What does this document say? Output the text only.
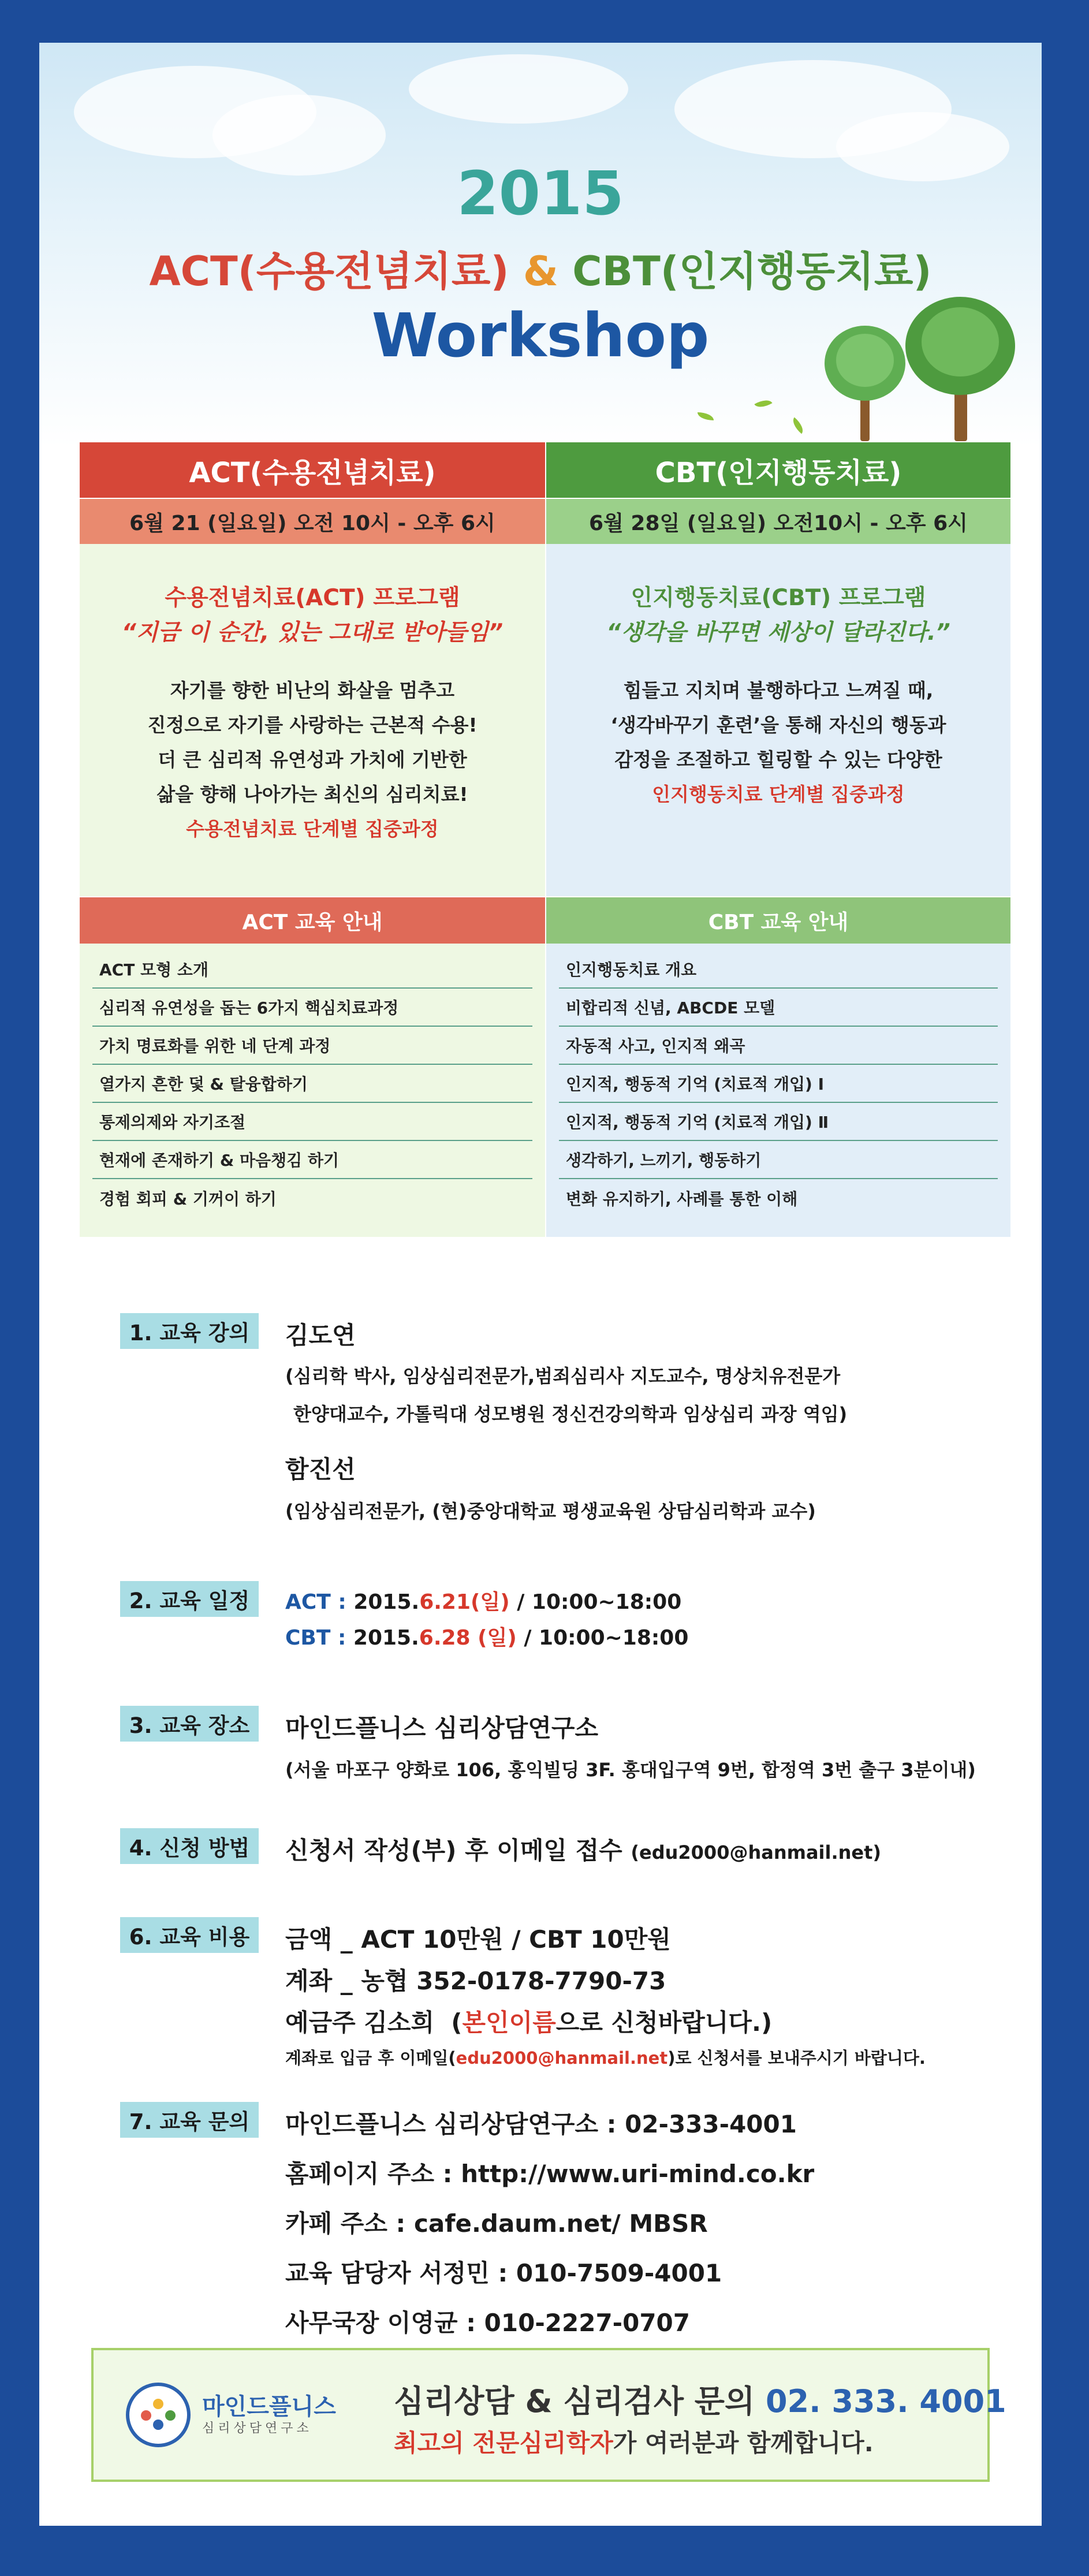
2015
ACT(수용전념치료) & CBT(인지행동치료)
Workshop
ACT(수용전념치료)
6월 21 (일요일) 오전 10시 - 오후 6시
수용전념치료(ACT) 프로그램
“지금 이 순간, 있는 그대로 받아들임”
자기를 향한 비난의 화살을 멈추고
진정으로 자기를 사랑하는 근본적 수용!
더 큰 심리적 유연성과 가치에 기반한
삶을 향해 나아가는 최신의 심리치료!
수용전념치료 단계별 집중과정
ACT 교육 안내
ACT 모형 소개
심리적 유연성을 돕는 6가지 핵심치료과정
가치 명료화를 위한 네 단계 과정
열가지 흔한 덫 & 탈융합하기
통제의제와 자기조절
현재에 존재하기 & 마음챙김 하기
경험 회피 & 기꺼이 하기
CBT(인지행동치료)
6월 28일 (일요일) 오전10시 - 오후 6시
인지행동치료(CBT) 프로그램
“생각을 바꾸면 세상이 달라진다.”
힘들고 지치며 불행하다고 느껴질 때,
‘생각바꾸기 훈련’을 통해 자신의 행동과
감정을 조절하고 힐링할 수 있는 다양한
인지행동치료 단계별 집중과정
CBT 교육 안내
인지행동치료 개요
비합리적 신념, ABCDE 모델
자동적 사고, 인지적 왜곡
인지적, 행동적 기억 (치료적 개입) Ⅰ
인지적, 행동적 기억 (치료적 개입) Ⅱ
생각하기, 느끼기, 행동하기
변화 유지하기, 사례를 통한 이해
1. 교육 강의	김도연
(심리학 박사, 임상심리전문가,범죄심리사 지도교수, 명상치유전문가
한양대교수, 가톨릭대 성모병원 정신건강의학과 임상심리 과장 역임)
함진선
(임상심리전문가, (현)중앙대학교 평생교육원 상담심리학과 교수)
2. 교육 일정	ACT : 2015.6.21(일) / 10:00~18:00
CBT : 2015.6.28 (일) / 10:00~18:00
3. 교육 장소	마인드플니스 심리상담연구소
(서울 마포구 양화로 106, 홍익빌딩 3F. 홍대입구역 9번, 합정역 3번 출구 3분이내)
4. 신청 방법	신청서 작성(부) 후 이메일 접수 (edu2000@hanmail.net)
6. 교육 비용	금액 _ ACT 10만원 / CBT 10만원
계좌 _ 농협 352-0178-7790-73
예금주 김소희  (본인이름으로 신청바랍니다.)
계좌로 입금 후 이메일(edu2000@hanmail.net)로 신청서를 보내주시기 바랍니다.
7. 교육 문의	마인드플니스 심리상담연구소 : 02-333-4001
홈페이지 주소 : http://www.uri-mind.co.kr
카페 주소 : cafe.daum.net/ MBSR
교육 담당자 서정민 : 010-7509-4001
사무국장 이영균 : 010-2227-0707
마인드플니스
심리상담연구소
심리상담 & 심리검사 문의 02. 333. 4001
최고의 전문심리학자가 여러분과 함께합니다.
